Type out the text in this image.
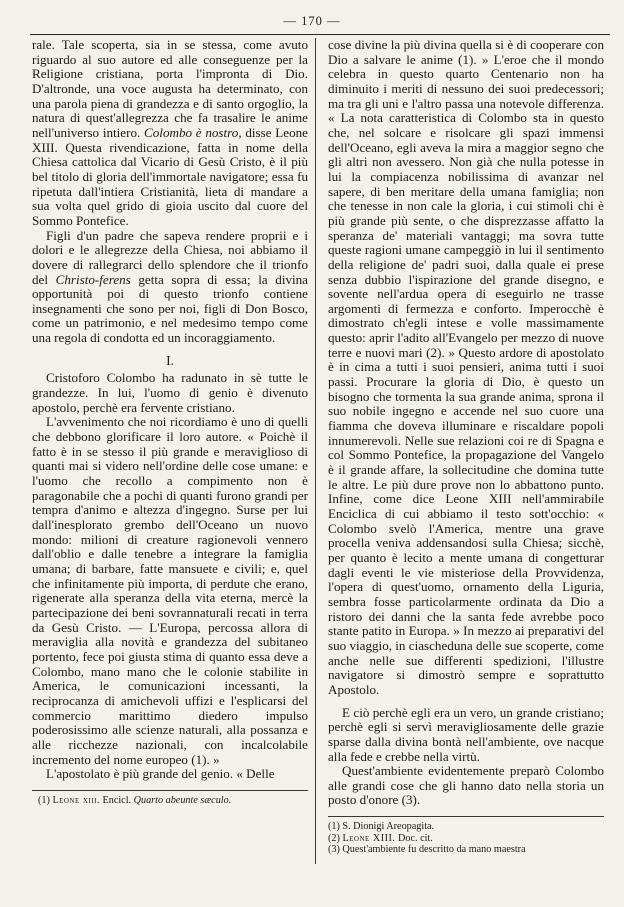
— 170 —

rale. Tale scoperta, sia in se stessa, come avuto riguardo al suo autore ed alle conseguenze per la Religione cristiana, porta l'impronta di Dio. D'altronde, una voce augusta ha determinato, con una parola piena di grandezza e di santo orgoglio, la natura di quest'allegrezza che fa trasalire le anime nell'universo intiero. Colombo è nostro, disse Leone XIII. Questa rivendicazione, fatta in nome della Chiesa cattolica dal Vicario di Gesù Cristo, è il più bel titolo di gloria dell'immortale navigatore; essa fu ripetuta dall'intiera Cristianità, lieta di mandare a sua volta quel grido di gioia uscito dal cuore del Sommo Pontefice.

Figli d'un padre che sapeva rendere proprii e i dolori e le allegrezze della Chiesa, noi abbiamo il dovere di rallegrarci dello splendore che il trionfo del Christo-ferens getta sopra di essa; la divina opportunità poi di questo trionfo contiene insegnamenti che sono per noi, figli di Don Bosco, come un patrimonio, e nel medesimo tempo come una regola di condotta ed un incoraggiamento.

I.

Cristoforo Colombo ha radunato in sè tutte le grandezze. In lui, l'uomo di genio è divenuto apostolo, perchè era fervente cristiano.

L'avvenimento che noi ricordiamo è uno di quelli che debbono glorificare il loro autore. « Poichè il fatto è in se stesso il più grande e meraviglioso di quanti mai si videro nell'ordine delle cose umane: e l'uomo che recollo a compimento non è paragonabile che a pochi di quanti furono grandi per tempra d'animo e altezza d'ingegno. Surse per lui dall'inesplorato grembo dell'Oceano un nuovo mondo: milioni di creature ragionevoli vennero dall'oblio e dalle tenebre a integrare la famiglia umana; di barbare, fatte mansuete e civili; e, quel che infinitamente più importa, di perdute che erano, rigenerate alla speranza della vita eterna, mercè la partecipazione dei beni sovrannaturali recati in terra da Gesù Cristo. — L'Europa, percossa allora di meraviglia alla novità e grandezza del subitaneo portento, fece poi giusta stima di quanto essa deve a Colombo, mano mano che le colonie stabilite in America, le comunicazioni incessanti, la reciprocanza di amichevoli uffizi e l'esplicarsi del commercio marittimo diedero impulso poderosissimo alle scienze naturali, alla possanza e alle ricchezze nazionali, con incalcolabile incremento del nome europeo (1). »

L'apostolato è più grande del genio. « Delle

(1) Leone xiii. Encicl. Quarto abeunte sæculo.

cose divine la più divina quella si è di cooperare con Dio a salvare le anime (1). » L'eroe che il mondo celebra in questo quarto Centenario non ha diminuito i meriti di nessuno dei suoi predecessori; ma tra gli uni e l'altro passa una notevole differenza. « La nota caratteristica di Colombo sta in questo che, nel solcare e risolcare gli spazi immensi dell'Oceano, egli aveva la mira a maggior segno che gli altri non avessero. Non già che nulla potesse in lui la compiacenza nobilissima di avanzar nel sapere, di ben meritare della umana famiglia; non che tenesse in non cale la gloria, i cui stimoli chi è più grande più sente, o che disprezzasse affatto la speranza de' materiali vantaggi; ma sovra tutte queste ragioni umane campeggiò in lui il sentimento della religione de' padri suoi, dalla quale ei prese senza dubbio l'ispirazione del grande disegno, e sovente nell'ardua opera di eseguirlo ne trasse argomenti di fermezza e conforto. Imperocchè è dimostrato ch'egli intese e volle massimamente questo: aprir l'adito all'Evangelo per mezzo di nuove terre e nuovi mari (2). » Questo ardore di apostolato è in cima a tutti i suoi pensieri, anima tutti i suoi passi. Procurare la gloria di Dio, è questo un bisogno che tormenta la sua grande anima, sprona il suo nobile ingegno e accende nel suo cuore una fiamma che doveva illuminare e riscaldare popoli innumerevoli. Nelle sue relazioni coi re di Spagna e col Sommo Pontefice, la propagazione del Vangelo è il grande affare, la sollecitudine che domina tutte le altre. Le più dure prove non lo abbattono punto. Infine, come dice Leone XIII nell'ammirabile Enciclica di cui abbiamo il testo sott'occhio: « Colombo svelò l'America, mentre una grave procella veniva addensandosi sulla Chiesa; sicchè, per quanto è lecito a mente umana di congetturar dagli eventi le vie misteriose della Provvidenza, l'opera di quest'uomo, ornamento della Liguria, sembra fosse particolarmente ordinata da Dio a ristoro dei danni che la santa fede avrebbe poco stante patito in Europa. » In mezzo ai preparativi del suo viaggio, in ciascheduna delle sue scoperte, come anche nelle sue differenti spedizioni, l'illustre navigatore si dimostrò sempre e soprattutto Apostolo.

E ciò perchè egli era un vero, un grande cristiano; perchè egli si servì meravigliosamente delle grazie sparse dalla divina bontà nell'ambiente, ove nacque alla fede e crebbe nella virtù.

Quest'ambiente evidentemente preparò Colombo alle grandi cose che gli hanno dato nella storia un posto d'onore (3).

(1) S. Dionigi Areopagita.
(2) Leone XIII. Doc. cit.
(3) Quest'ambiente fu descritto da mano maestra
